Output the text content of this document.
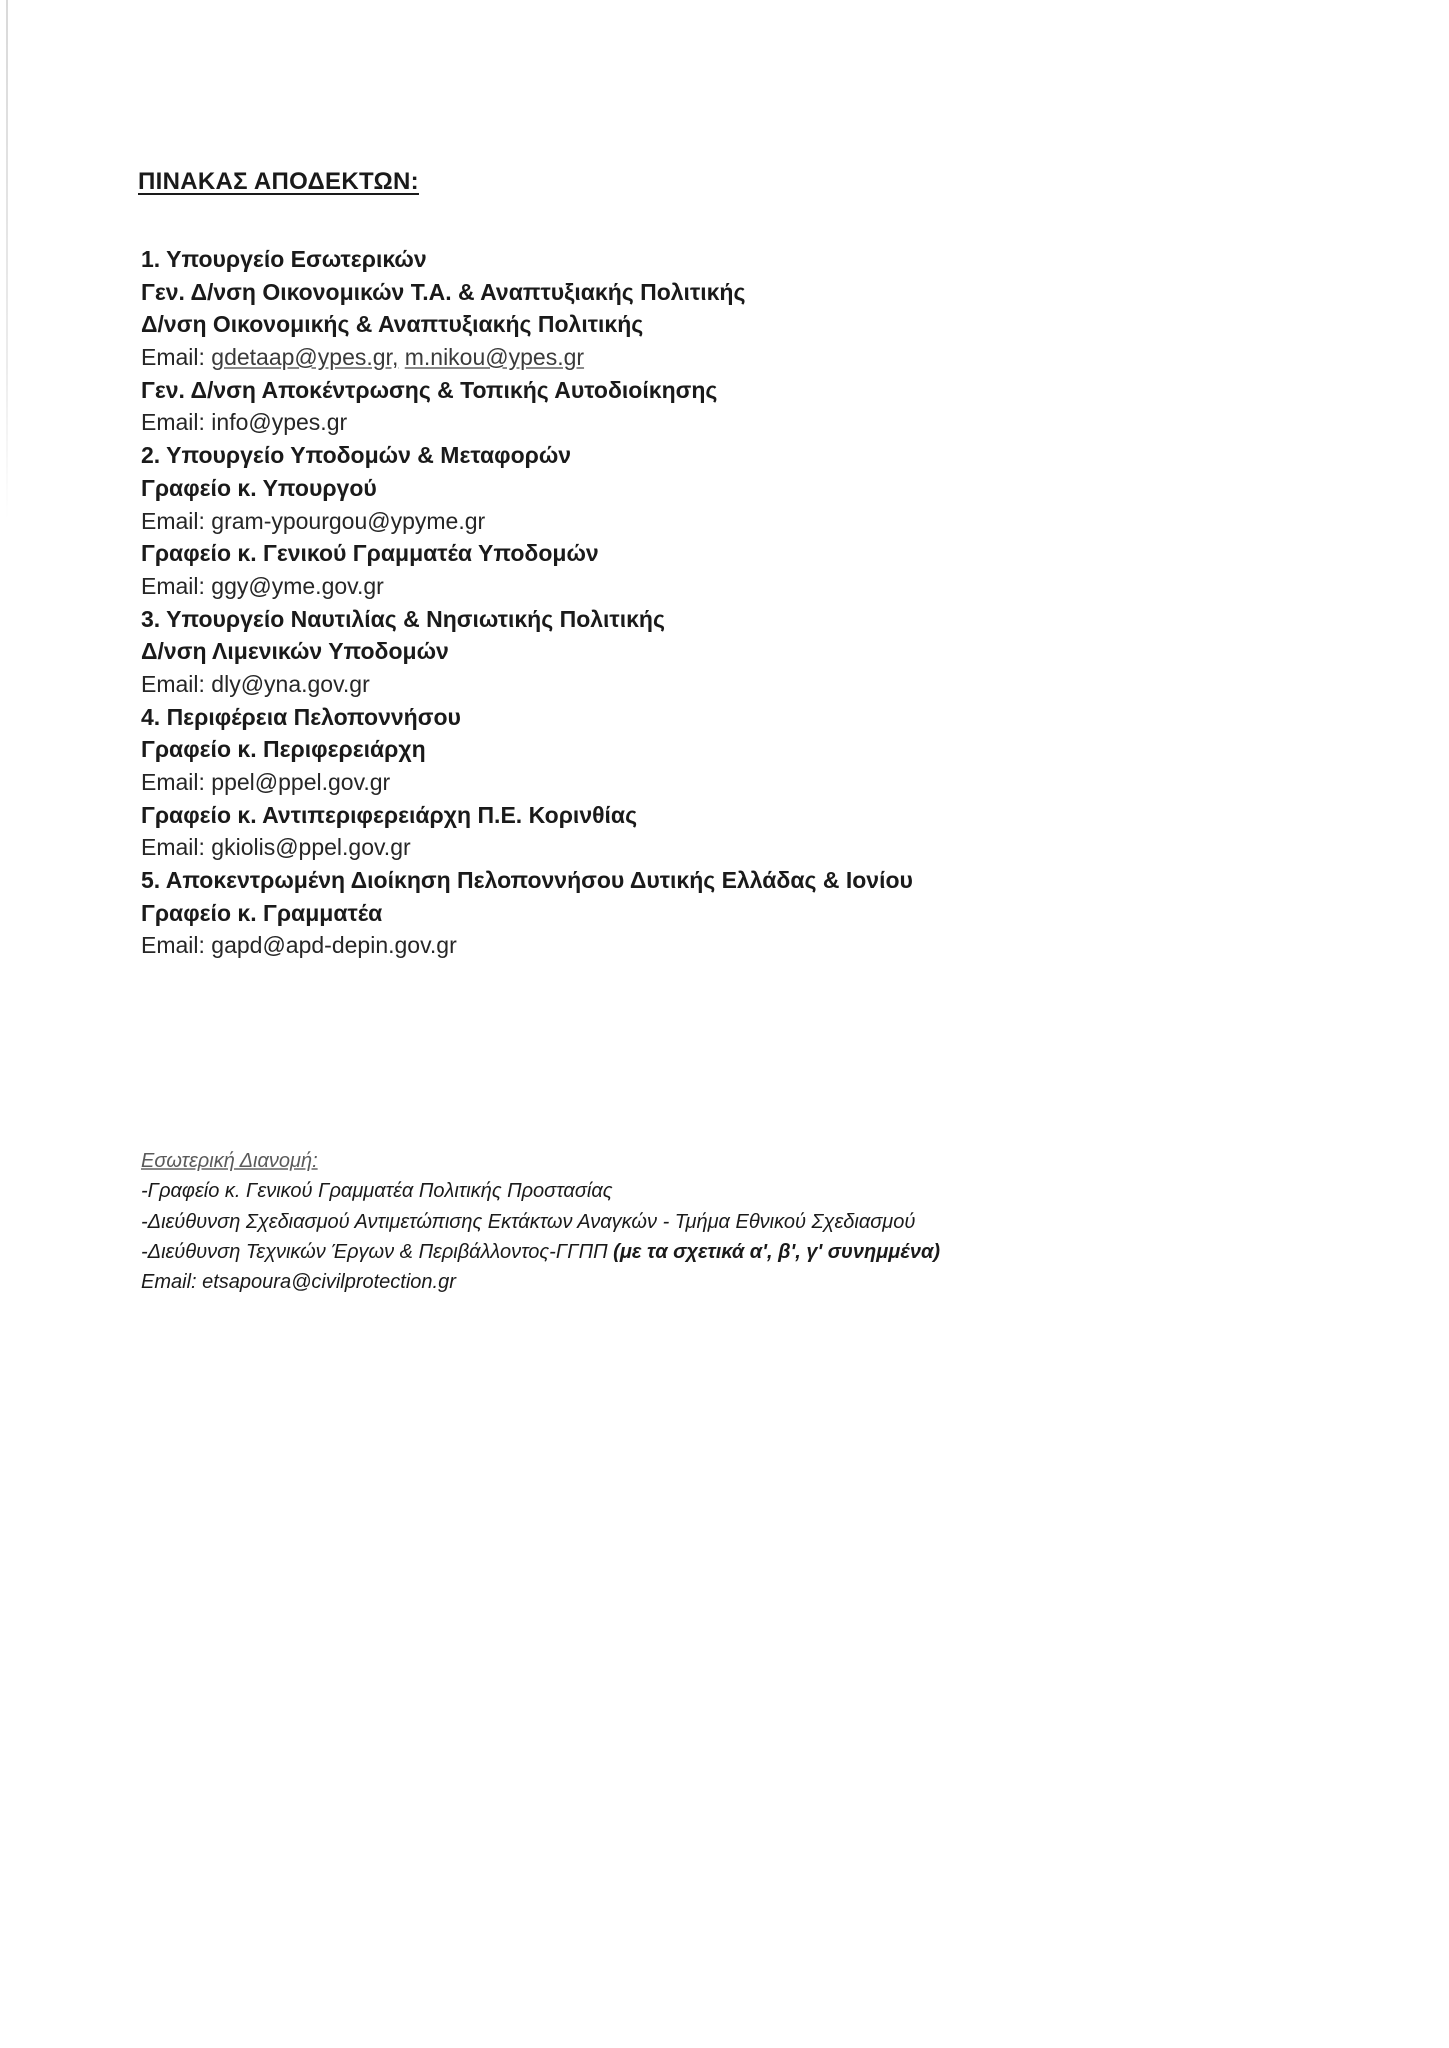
ΠΙΝΑΚΑΣ ΑΠΟΔΕΚΤΩΝ:
1. Υπουργείο Εσωτερικών
Γεν. Δ/νση Οικονομικών Τ.Α. & Αναπτυξιακής Πολιτικής
Δ/νση Οικονομικής & Αναπτυξιακής Πολιτικής
Email: gdetaap@ypes.gr, m.nikou@ypes.gr
Γεν. Δ/νση Αποκέντρωσης & Τοπικής Αυτοδιοίκησης
Email: info@ypes.gr
2. Υπουργείο Υποδομών & Μεταφορών
Γραφείο κ. Υπουργού
Email: gram-ypourgou@ypyme.gr
Γραφείο κ. Γενικού Γραμματέα Υποδομών
Email: ggy@yme.gov.gr
3. Υπουργείο Ναυτιλίας & Νησιωτικής Πολιτικής
Δ/νση Λιμενικών Υποδομών
Email: dly@yna.gov.gr
4. Περιφέρεια Πελοποννήσου
Γραφείο κ. Περιφερειάρχη
Email: ppel@ppel.gov.gr
Γραφείο κ. Αντιπεριφερειάρχη Π.Ε. Κορινθίας
Email: gkiolis@ppel.gov.gr
5. Αποκεντρωμένη Διοίκηση Πελοποννήσου Δυτικής Ελλάδας & Ιονίου
Γραφείο κ. Γραμματέα
Email: gapd@apd-depin.gov.gr
Εσωτερική Διανομή:
-Γραφείο κ. Γενικού Γραμματέα Πολιτικής Προστασίας
-Διεύθυνση Σχεδιασμού Αντιμετώπισης Εκτάκτων Αναγκών - Τμήμα Εθνικού Σχεδιασμού
-Διεύθυνση Τεχνικών Έργων & Περιβάλλοντος-ΓΓΠΠ (με τα σχετικά α', β', γ' συνημμένα)
Email: etsapoura@civilprotection.gr
